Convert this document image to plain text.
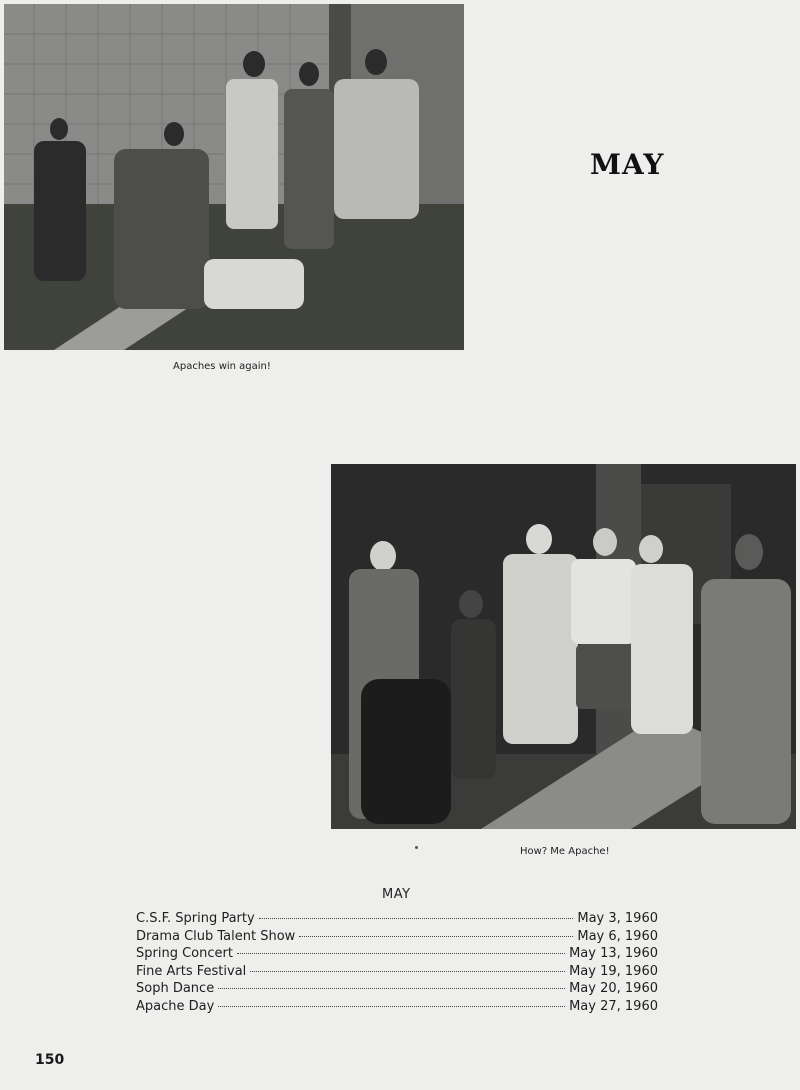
Apaches win again!
MAY
How? Me Apache!
MAY
C.S.F. Spring Party	May 3, 1960
Drama Club Talent Show	May 6, 1960
Spring Concert	May 13, 1960
Fine Arts Festival	May 19, 1960
Soph Dance	May 20, 1960
Apache Day	May 27, 1960
150
